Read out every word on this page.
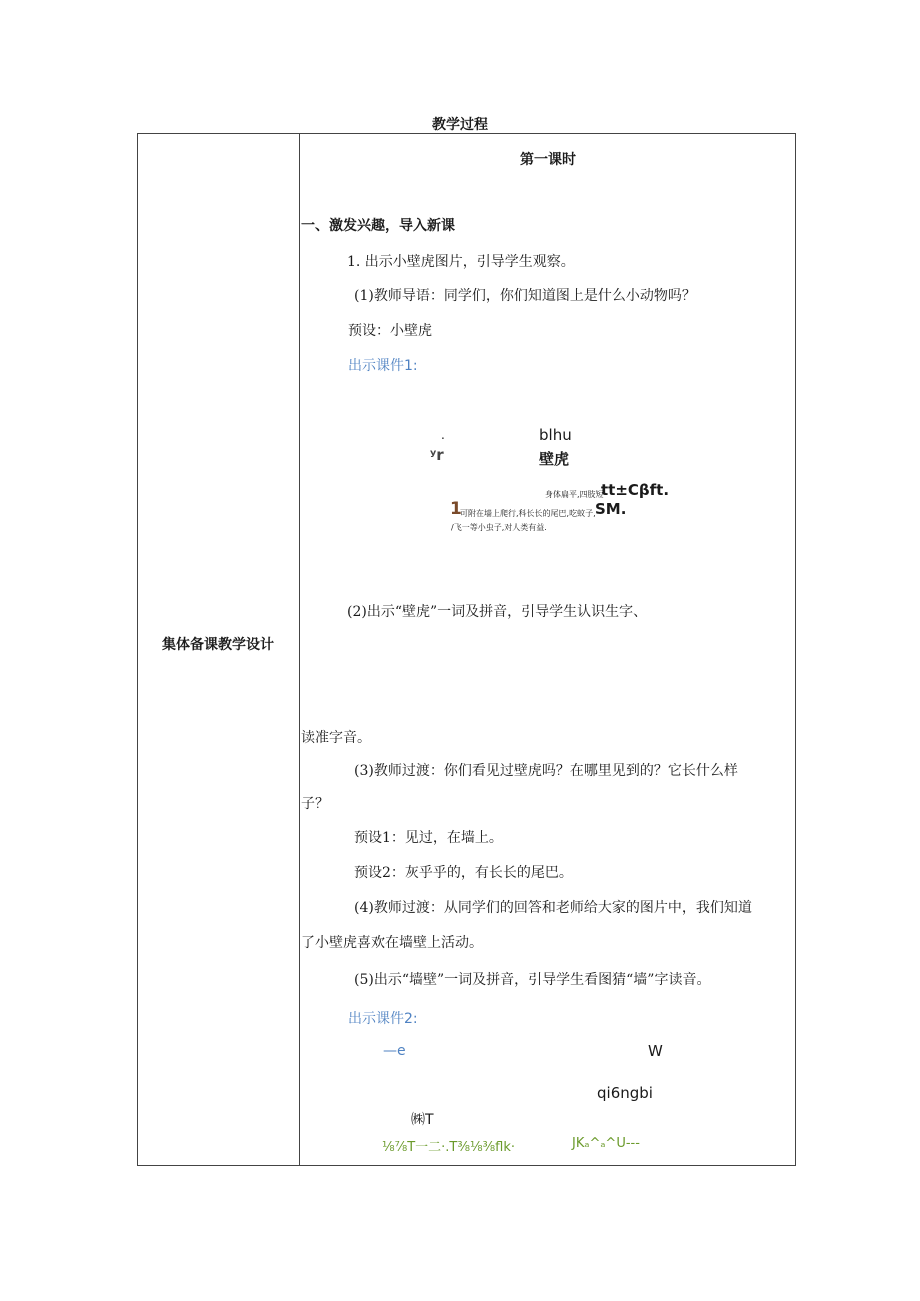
教学过程
集体备课教学设计
第一课时
一、激发兴趣，导入新课
1. 出示小壁虎图片，引导学生观察。
(1)教师导语：同学们，你们知道图上是什么小动物吗？
预设：小壁虎
出示课件1:
.
ʸr
blhu
壁虎
身体扁平,四肢短
tt±Cβft.
1
可附在墙上爬行,科长长的尾巴,吃蚊子, SM.
/飞一等小虫子,对人类有益.
(2)出示“壁虎”一词及拼音，引导学生认识生字、
读准字音。
(3)教师过渡：你们看见过壁虎吗？在哪里见到的？它长什么样
子？
预设1：见过，在墙上。
预设2：灰乎乎的，有长长的尾巴。
(4)教师过渡：从同学们的回答和老师给大家的图片中，我们知道
了小壁虎喜欢在墙壁上活动。
(5)出示“墙壁”一词及拼音，引导学生看图猜“墙”字读音。
出示课件2:
—e	W
qi6ngbi
㈱T
⅛⅞T一二·.T⅜⅛⅜flk·	JKₐ^ₐ^U---
